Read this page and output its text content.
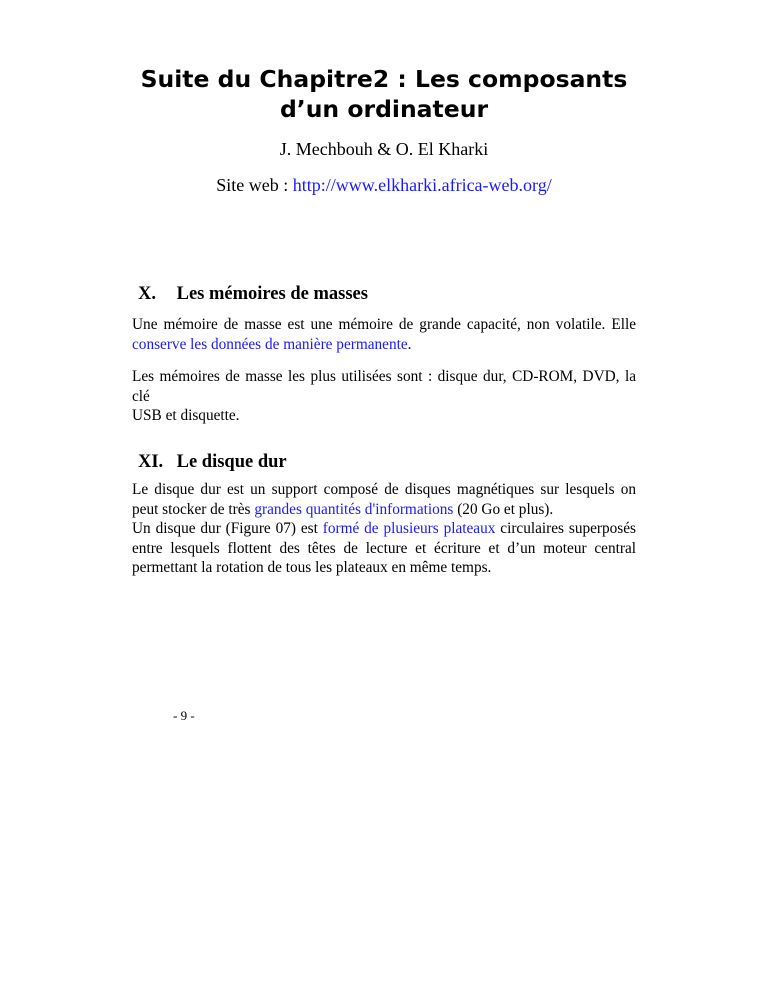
Suite du Chapitre2 : Les composants
d’un ordinateur
J. Mechbouh & O. El Kharki
Site web : http://www.elkharki.africa-web.org/
X. Les mémoires de masses
Une mémoire de masse est une mémoire de grande capacité, non volatile. Elle
conserve les données de manière permanente.
Les mémoires de masse les plus utilisées sont : disque dur, CD-ROM, DVD, la clé
USB et disquette.
XI. Le disque dur
Le disque dur est un support composé de disques magnétiques sur lesquels on
peut stocker de très grandes quantités d'informations (20 Go et plus).
Un disque dur (Figure 07) est formé de plusieurs plateaux circulaires superposés
entre lesquels flottent des têtes de lecture et écriture et d’un moteur central
permettant la rotation de tous les plateaux en même temps.
- 9 -
